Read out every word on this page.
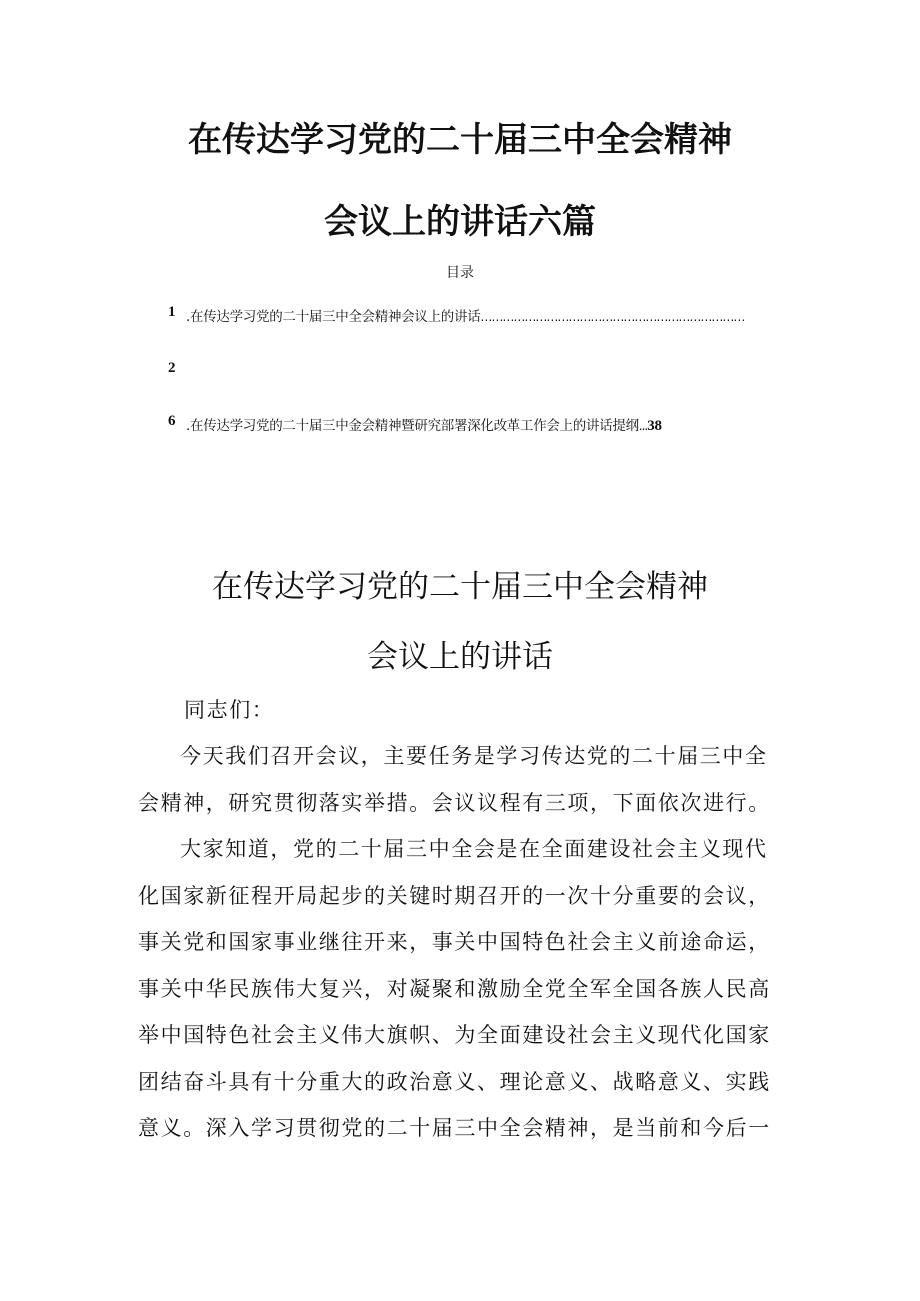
在传达学习党的二十届三中全会精神
会议上的讲话六篇
目录
1 .在传达学习党的二十届三中全会精神会议上的讲话………………………………………………………………
2
6 .在传达学习党的二十届三中金会精神暨研究部署深化改革工作会上的讲话提纲...38
在传达学习党的二十届三中全会精神
会议上的讲话
同志们：

今天我们召开会议，主要任务是学习传达党的二十届三中全会精神，研究贯彻落实举措。会议议程有三项，下面依次进行。

大家知道，党的二十届三中全会是在全面建设社会主义现代化国家新征程开局起步的关键时期召开的一次十分重要的会议，事关党和国家事业继往开来，事关中国特色社会主义前途命运，事关中华民族伟大复兴，对凝聚和激励全党全军全国各族人民高举中国特色社会主义伟大旗帜、为全面建设社会主义现代化国家团结奋斗具有十分重大的政治意义、理论意义、战略意义、实践意义。深入学习贯彻党的二十届三中全会精神，是当前和今后一
